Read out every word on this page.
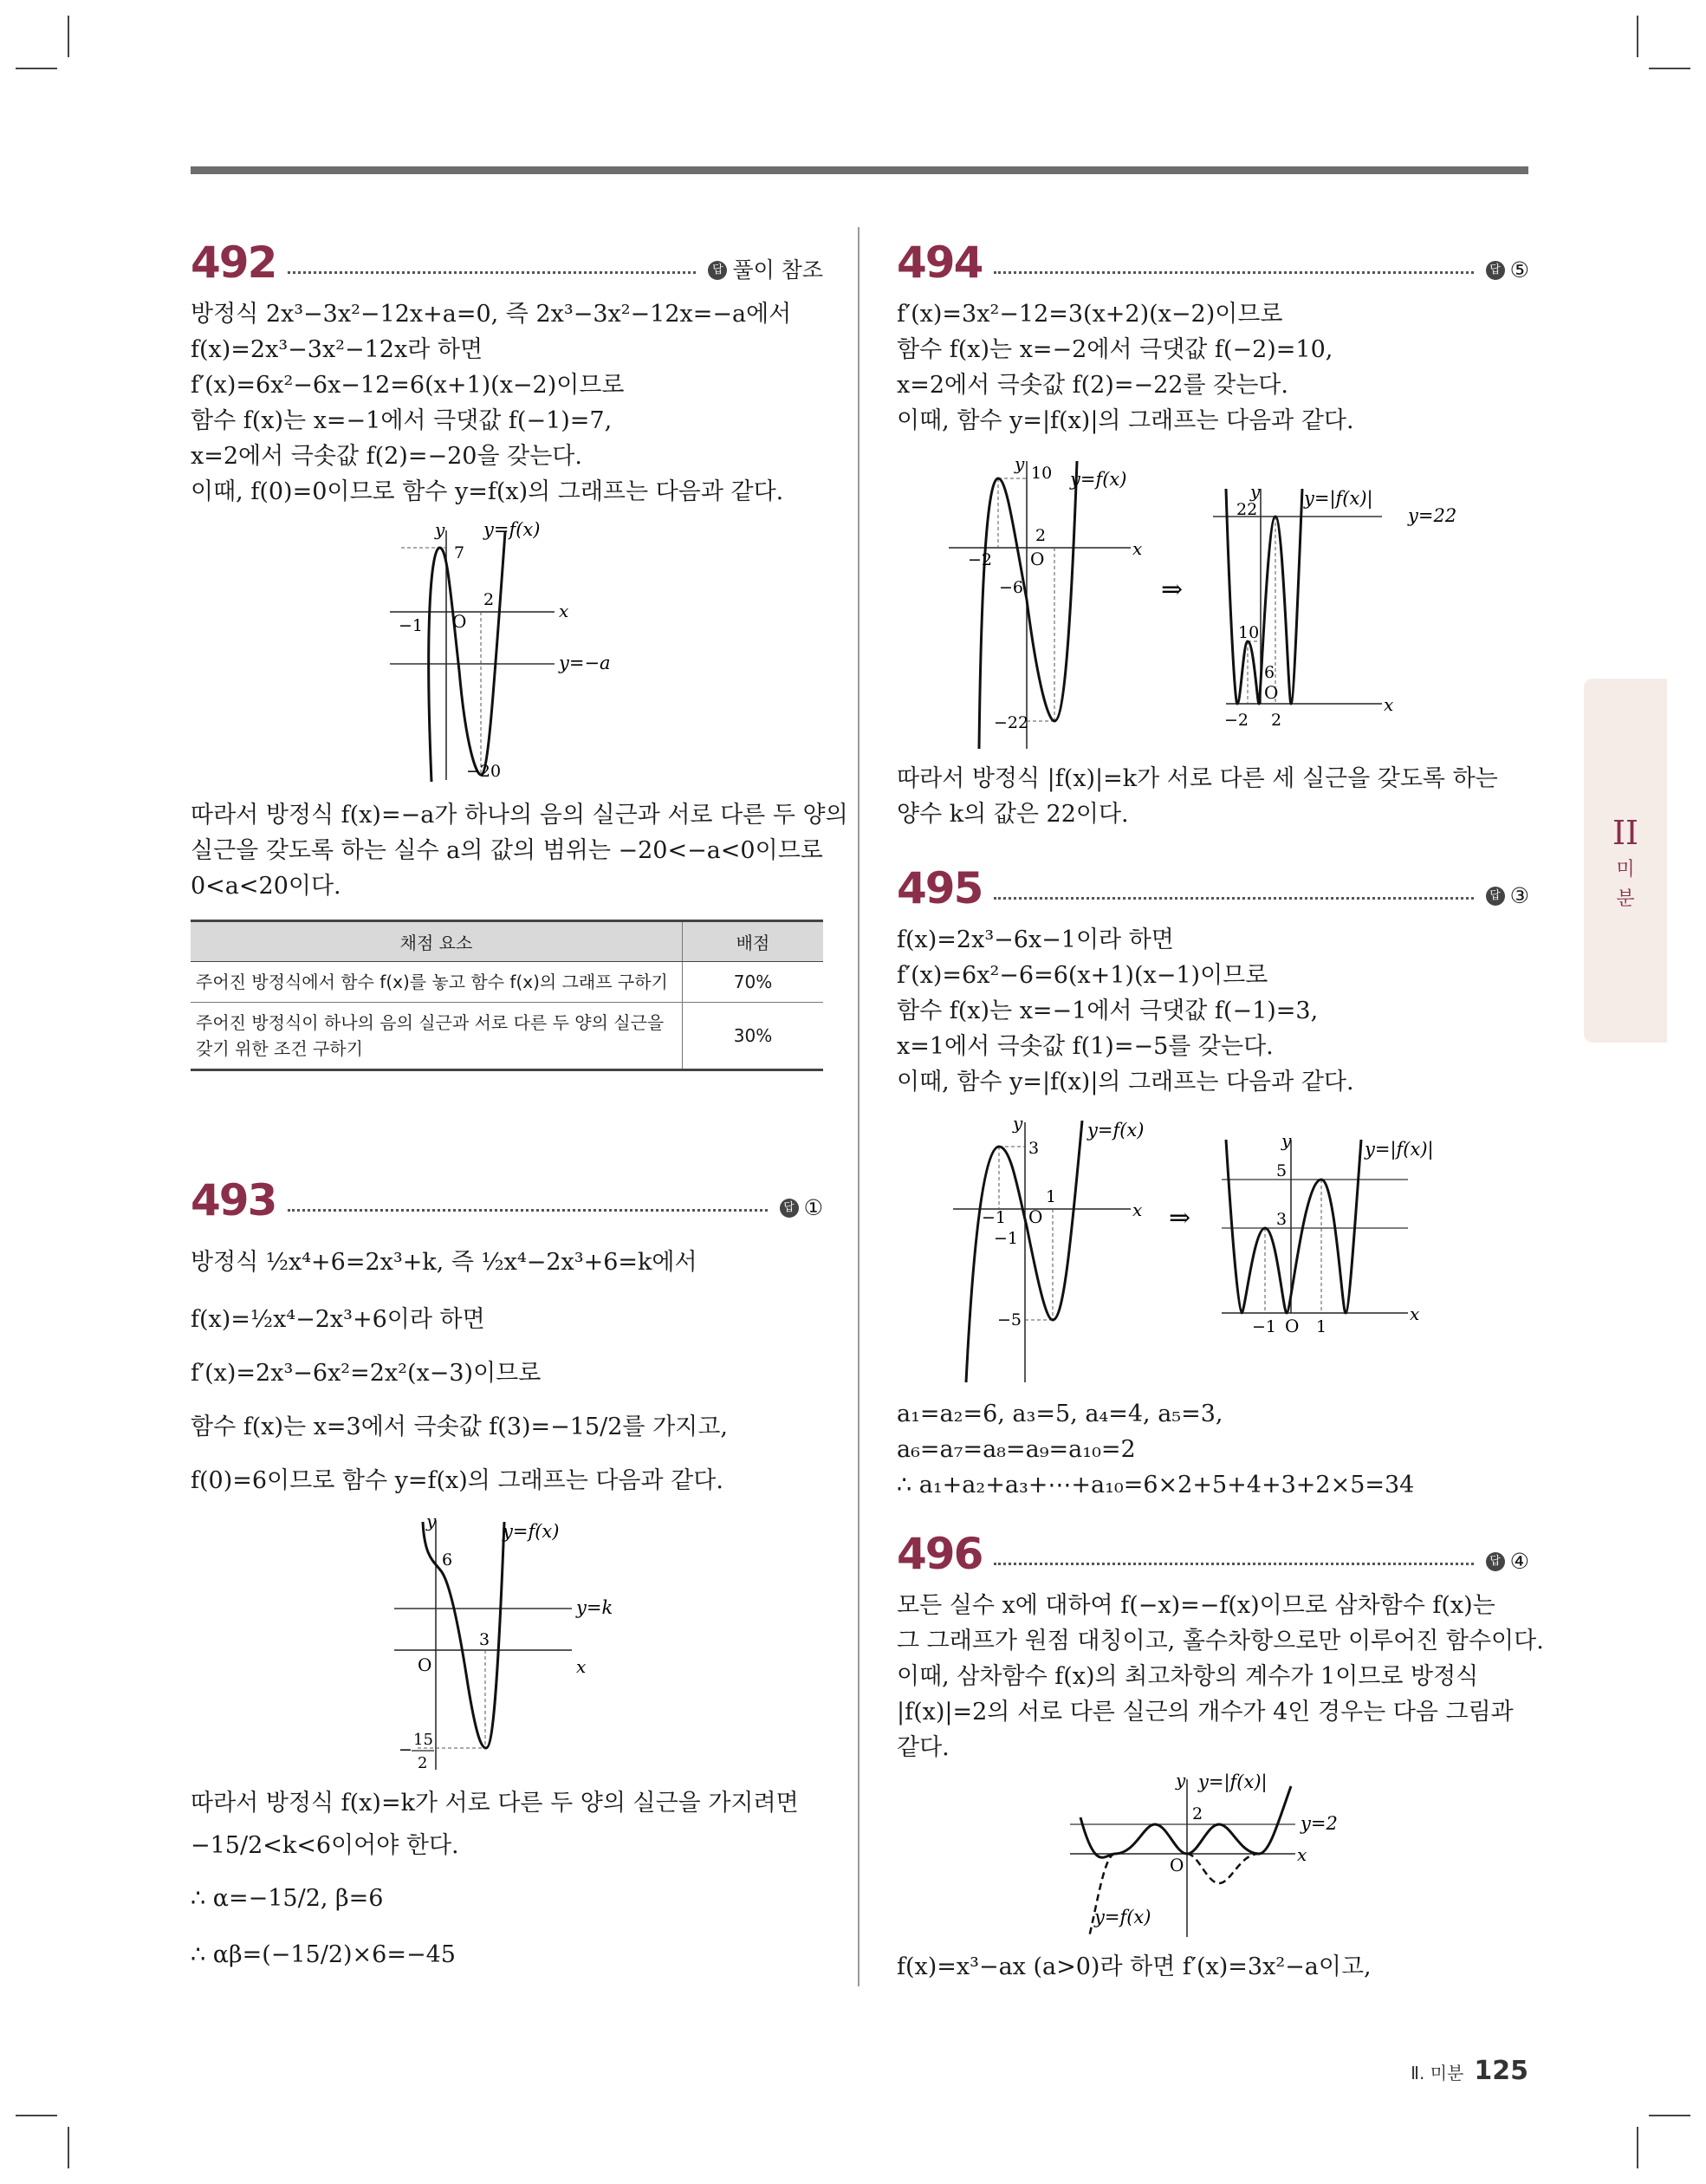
492	답 풀이 참조
방정식 2x³−3x²−12x+a=0, 즉 2x³−3x²−12x=−a에서
f(x)=2x³−3x²−12x라 하면
f′(x)=6x²−6x−12=6(x+1)(x−2)이므로
함수 f(x)는 x=−1에서 극댓값 f(−1)=7,
x=2에서 극솟값 f(2)=−20을 갖는다.
이때, f(0)=0이므로 함수 y=f(x)의 그래프는 다음과 같다.
y
x
O
7
2
−1
−20
y=f(x)
y=−a
따라서 방정식 f(x)=−a가 하나의 음의 실근과 서로 다른 두 양의
실근을 갖도록 하는 실수 a의 값의 범위는 −20<−a<0이므로
0<a<20이다.
채점 요소	배점
주어진 방정식에서 함수 f(x)를 놓고 함수 f(x)의 그래프 구하기	70%
주어진 방정식이 하나의 음의 실근과 서로 다른 두 양의 실근을 갖기 위한 조건 구하기	30%
493	답 ①
방정식 ½x⁴+6=2x³+k, 즉 ½x⁴−2x³+6=k에서
f(x)=½x⁴−2x³+6이라 하면
f′(x)=2x³−6x²=2x²(x−3)이므로
함수 f(x)는 x=3에서 극솟값 f(3)=−15/2를 가지고,
f(0)=6이므로 함수 y=f(x)의 그래프는 다음과 같다.
y
x
O
6
3
−
15
2
y=f(x)
y=k
따라서 방정식 f(x)=k가 서로 다른 두 양의 실근을 가지려면
−15/2<k<6이어야 한다.
∴ α=−15/2, β=6
∴ αβ=(−15/2)×6=−45
494	답 ⑤
f′(x)=3x²−12=3(x+2)(x−2)이므로
함수 f(x)는 x=−2에서 극댓값 f(−2)=10,
x=2에서 극솟값 f(2)=−22를 갖는다.
이때, 함수 y=|f(x)|의 그래프는 다음과 같다.
y
x
O
10
2
−2
−6
−22
y=f(x)
⇒
y
x
O
22
10
6
−2 2
y=|f(x)|
y=22
따라서 방정식 |f(x)|=k가 서로 다른 세 실근을 갖도록 하는
양수 k의 값은 22이다.
495	답 ③
f(x)=2x³−6x−1이라 하면
f′(x)=6x²−6=6(x+1)(x−1)이므로
함수 f(x)는 x=−1에서 극댓값 f(−1)=3,
x=1에서 극솟값 f(1)=−5를 갖는다.
이때, 함수 y=|f(x)|의 그래프는 다음과 같다.
y
x
O
3
1
−1
−1
−5
y=f(x)
⇒
y
x
O
5
3
−1 1
y=|f(x)|
a₁=a₂=6, a₃=5, a₄=4, a₅=3,
a₆=a₇=a₈=a₉=a₁₀=2
∴ a₁+a₂+a₃+⋯+a₁₀=6×2+5+4+3+2×5=34
496	답 ④
모든 실수 x에 대하여 f(−x)=−f(x)이므로 삼차함수 f(x)는
그 그래프가 원점 대칭이고, 홀수차항으로만 이루어진 함수이다.
이때, 삼차함수 f(x)의 최고차항의 계수가 1이므로 방정식
|f(x)|=2의 서로 다른 실근의 개수가 4인 경우는 다음 그림과
같다.
y
x
O
2
y=|f(x)|
y=f(x)
y=2
f(x)=x³−ax (a>0)라 하면 f′(x)=3x²−a이고,
II
미
분
Ⅱ. 미분 125
